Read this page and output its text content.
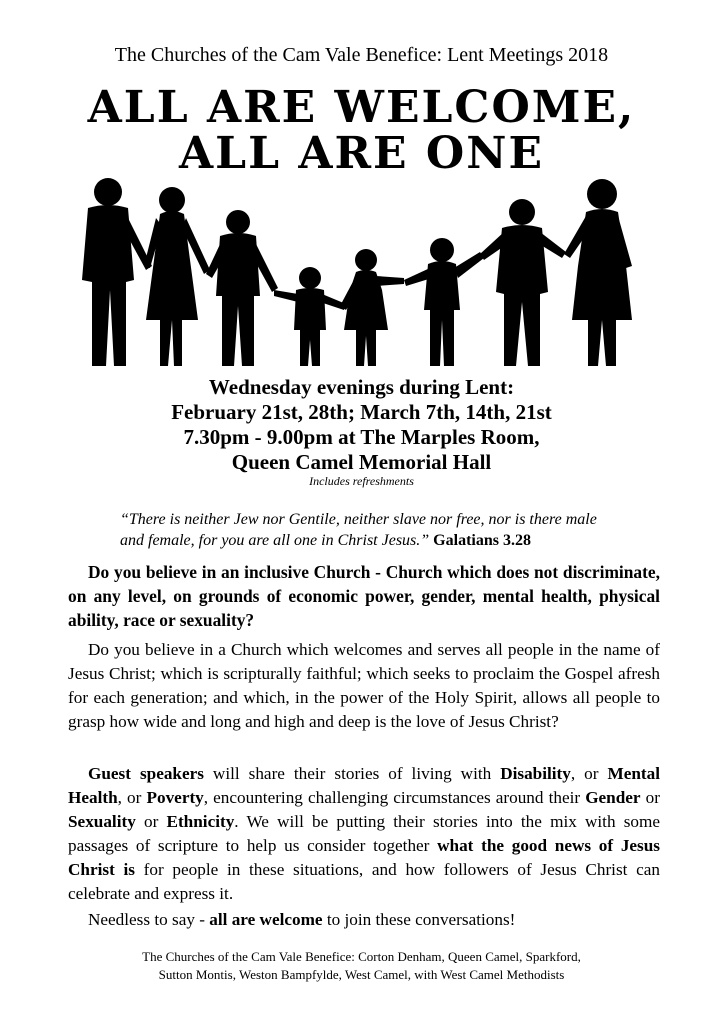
The Churches of the Cam Vale Benefice: Lent Meetings 2018
ALL ARE WELCOME,
ALL ARE ONE
Wednesday evenings during Lent:
February 21st, 28th; March 7th, 14th, 21st
7.30pm - 9.00pm at The Marples Room,
Queen Camel Memorial Hall
Includes refreshments
“There is neither Jew nor Gentile, neither slave nor free, nor is there male and female, for you are all one in Christ Jesus.” Galatians 3.28

Do you believe in an inclusive Church - Church which does not discriminate, on any level, on grounds of economic power, gender, mental health, physical ability, race or sexuality?

Do you believe in a Church which welcomes and serves all people in the name of Jesus Christ; which is scripturally faithful; which seeks to proclaim the Gospel afresh for each generation; and which, in the power of the Holy Spirit, allows all people to grasp how wide and long and high and deep is the love of Jesus Christ?

Guest speakers will share their stories of living with Disability, or Mental Health, or Poverty, encountering challenging circumstances around their Gender or Sexuality or Ethnicity. We will be putting their stories into the mix with some passages of scripture to help us consider together what the good news of Jesus Christ is for people in these situations, and how followers of Jesus Christ can celebrate and express it.

Needless to say - all are welcome to join these conversations!

The Churches of the Cam Vale Benefice: Corton Denham, Queen Camel, Sparkford,
Sutton Montis, Weston Bampfylde, West Camel, with West Camel Methodists
